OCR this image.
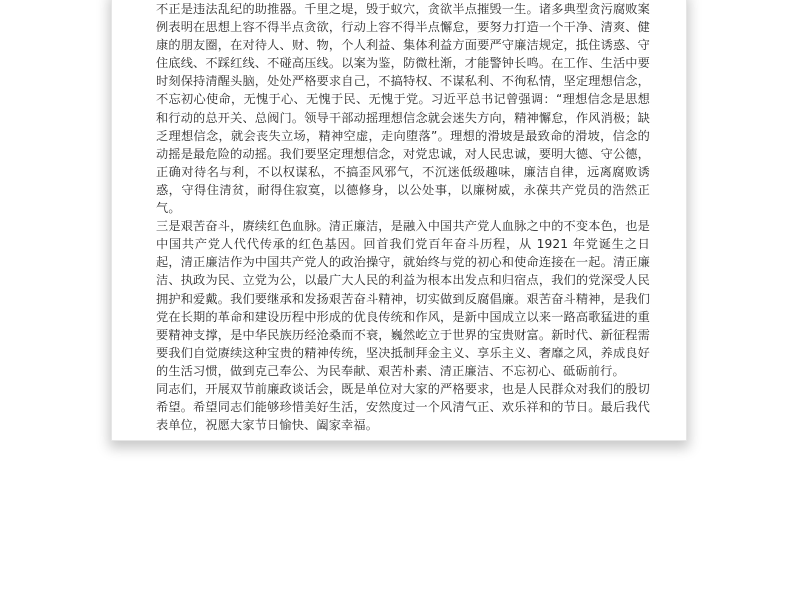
不正是违法乱纪的助推器。千里之堤，毁于蚁穴，贪欲半点摧毁一生。诸多典型贪污腐败案例表明在思想上容不得半点贪欲，行动上容不得半点懈怠，要努力打造一个干净、清爽、健康的朋友圈，在对待人、财、物，个人利益、集体利益方面要严守廉洁规定，抵住诱惑、守住底线、不踩红线、不碰高压线。以案为鉴，防微杜渐，才能警钟长鸣。在工作、生活中要时刻保持清醒头脑，处处严格要求自己，不搞特权、不谋私利、不徇私情，坚定理想信念，不忘初心使命，无愧于心、无愧于民、无愧于党。习近平总书记曾强调：“理想信念是思想和行动的总开关、总阀门。领导干部动摇理想信念就会迷失方向，精神懈怠，作风消极；缺乏理想信念，就会丧失立场，精神空虚，走向堕落”。理想的滑坡是最致命的滑坡，信念的动摇是最危险的动摇。我们要坚定理想信念，对党忠诚，对人民忠诚，要明大德、守公德，正确对待名与利，不以权谋私，不搞歪风邪气，不沉迷低级趣味，廉洁自律，远离腐败诱惑，守得住清贫，耐得住寂寞，以德修身，以公处事，以廉树威，永葆共产党员的浩然正气。

三是艰苦奋斗，赓续红色血脉。清正廉洁，是融入中国共产党人血脉之中的不变本色，也是中国共产党人代代传承的红色基因。回首我们党百年奋斗历程，从 1921 年党诞生之日起，清正廉洁作为中国共产党人的政治操守，就始终与党的初心和使命连接在一起。清正廉洁、执政为民、立党为公，以最广大人民的利益为根本出发点和归宿点，我们的党深受人民拥护和爱戴。我们要继承和发扬艰苦奋斗精神，切实做到反腐倡廉。艰苦奋斗精神，是我们党在长期的革命和建设历程中形成的优良传统和作风，是新中国成立以来一路高歌猛进的重要精神支撑，是中华民族历经沧桑而不衰，巍然屹立于世界的宝贵财富。新时代、新征程需要我们自觉赓续这种宝贵的精神传统，坚决抵制拜金主义、享乐主义、奢靡之风，养成良好的生活习惯，做到克己奉公、为民奉献、艰苦朴素、清正廉洁、不忘初心、砥砺前行。

同志们，开展双节前廉政谈话会，既是单位对大家的严格要求，也是人民群众对我们的殷切希望。希望同志们能够珍惜美好生活，安然度过一个风清气正、欢乐祥和的节日。最后我代表单位，祝愿大家节日愉快、阖家幸福。
